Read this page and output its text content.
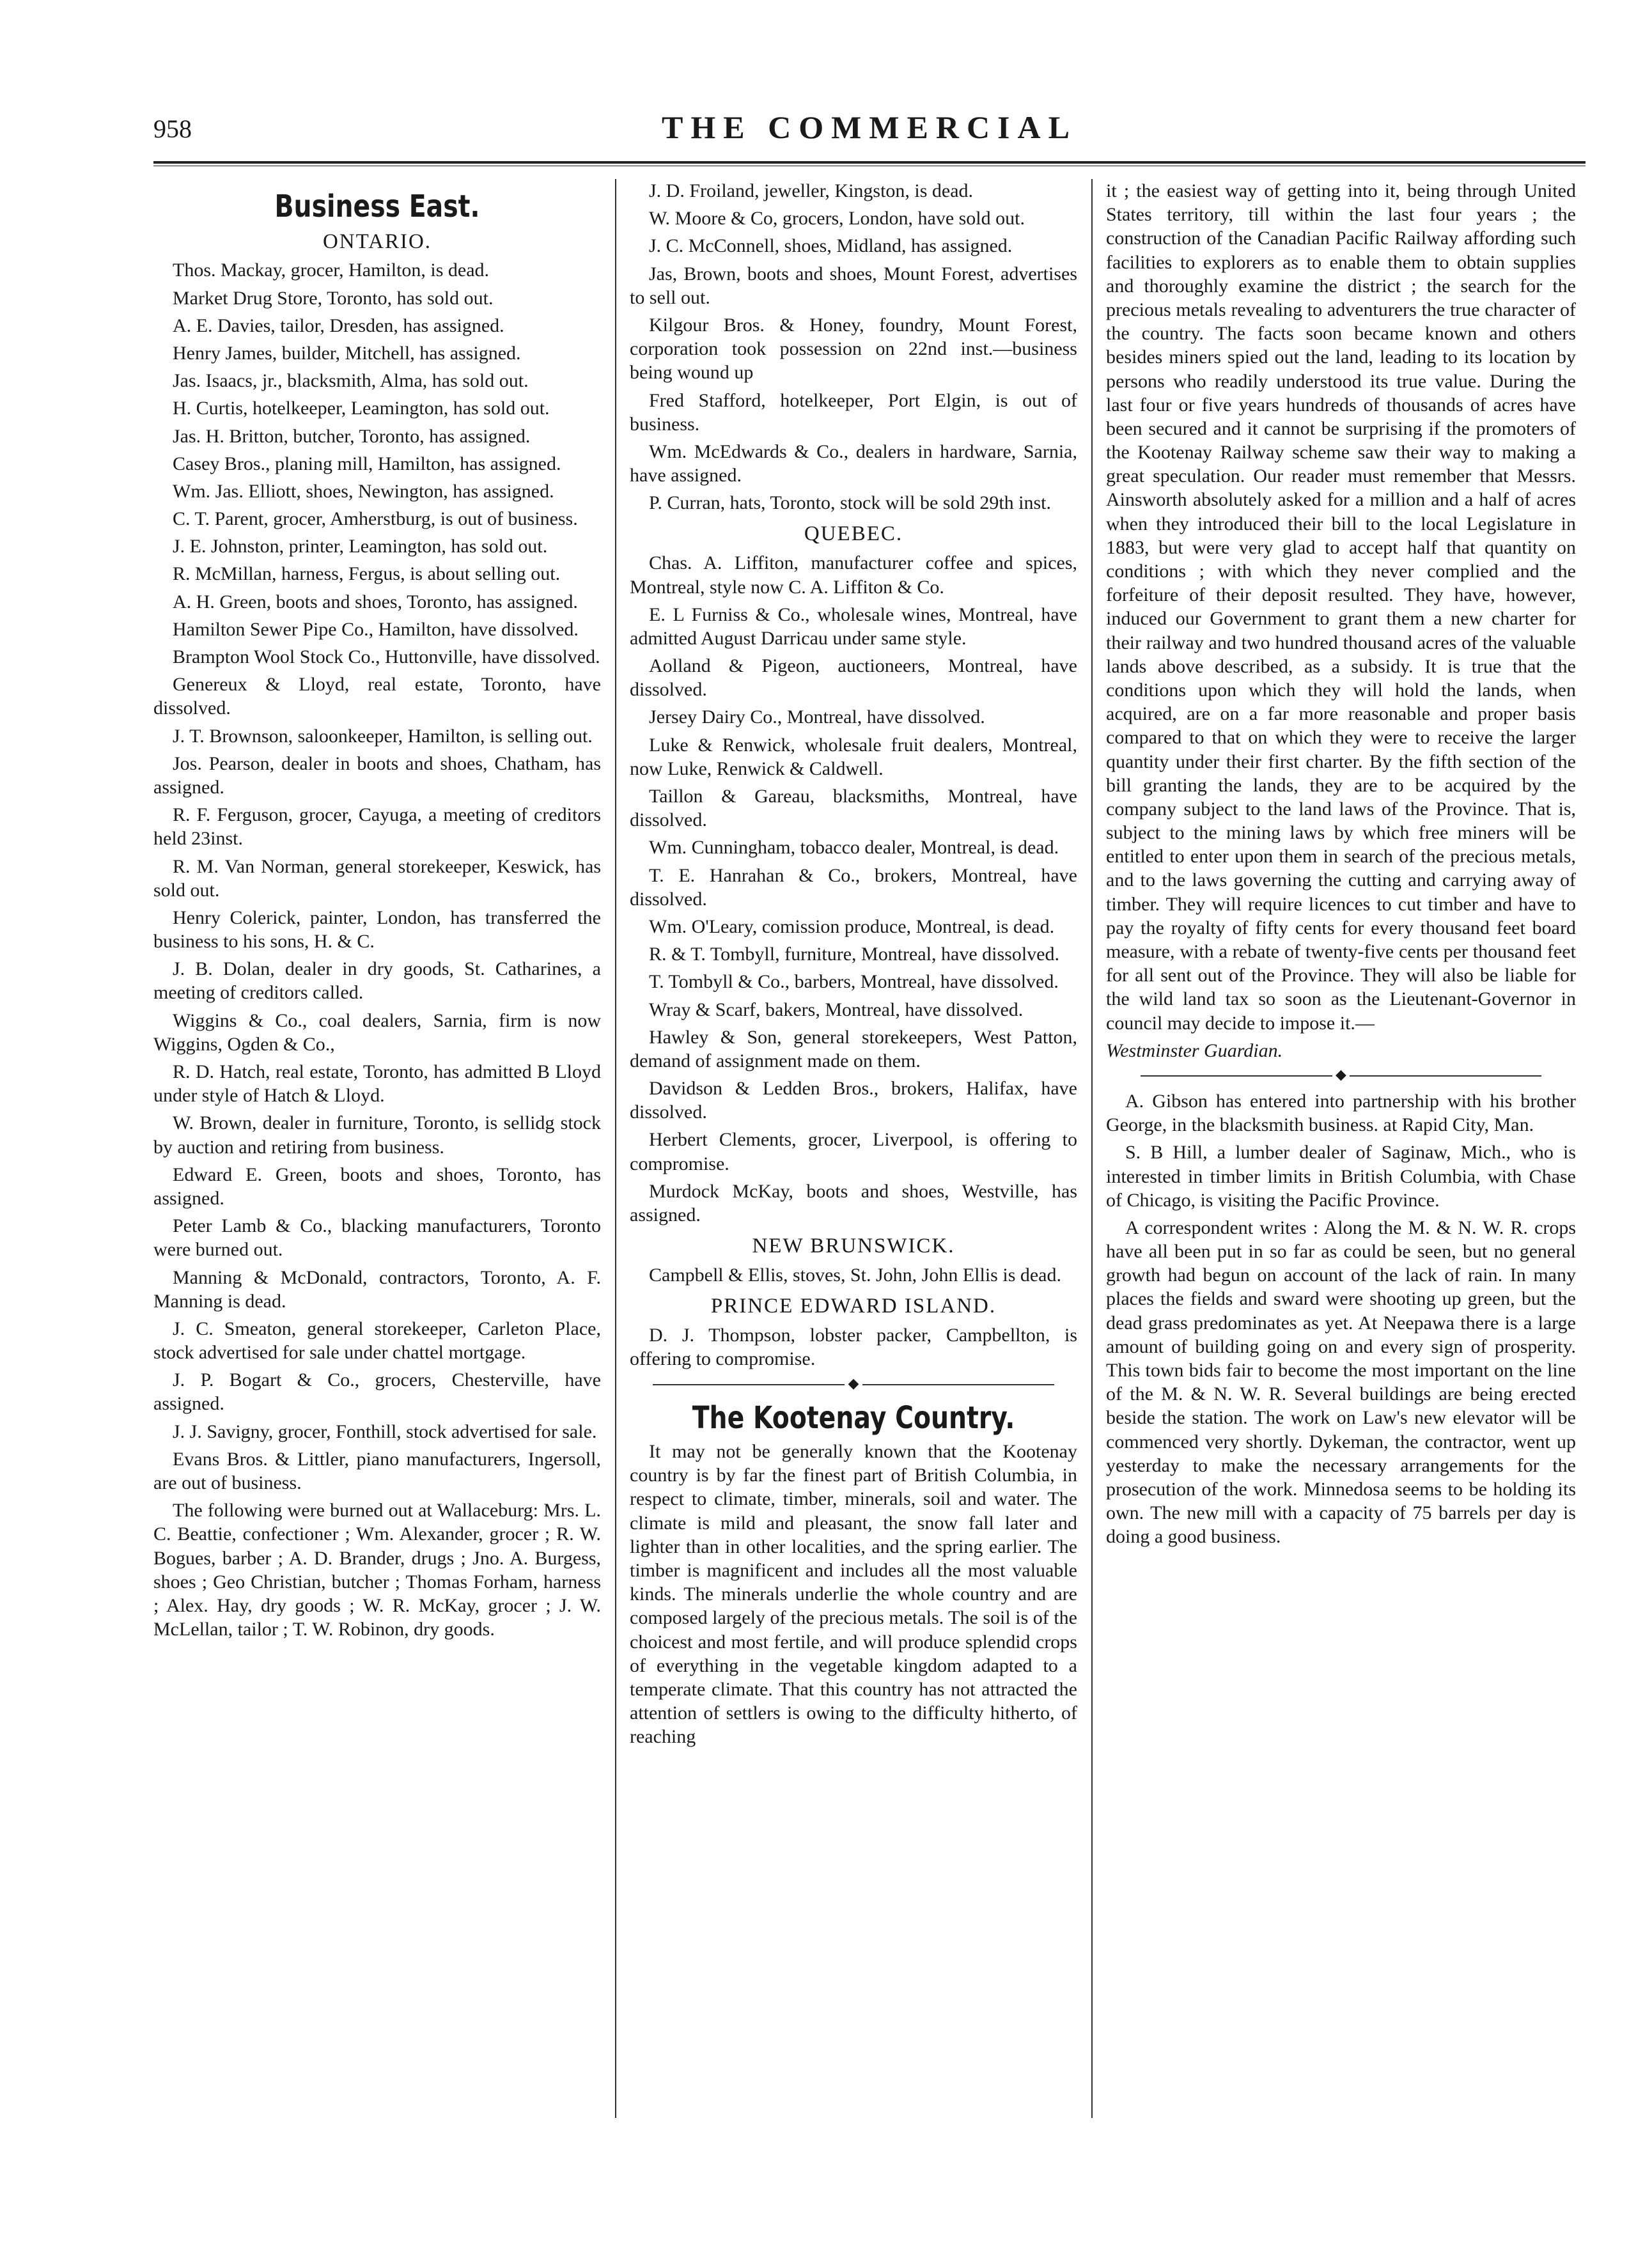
958	THE COMMERCIAL
Business East.
ONTARIO.

Thos. Mackay, grocer, Hamilton, is dead.

Market Drug Store, Toronto, has sold out.

A. E. Davies, tailor, Dresden, has assigned.

Henry James, builder, Mitchell, has assigned.

Jas. Isaacs, jr., blacksmith, Alma, has sold out.

H. Curtis, hotelkeeper, Leamington, has sold out.

Jas. H. Britton, butcher, Toronto, has assigned.

Casey Bros., planing mill, Hamilton, has assigned.

Wm. Jas. Elliott, shoes, Newington, has assigned.

C. T. Parent, grocer, Amherstburg, is out of business.

J. E. Johnston, printer, Leamington, has sold out.

R. McMillan, harness, Fergus, is about selling out.

A. H. Green, boots and shoes, Toronto, has assigned.

Hamilton Sewer Pipe Co., Hamilton, have dissolved.

Brampton Wool Stock Co., Huttonville, have dissolved.

Genereux & Lloyd, real estate, Toronto, have dissolved.

J. T. Brownson, saloonkeeper, Hamilton, is selling out.

Jos. Pearson, dealer in boots and shoes, Chatham, has assigned.

R. F. Ferguson, grocer, Cayuga, a meeting of creditors held 23inst.

R. M. Van Norman, general storekeeper, Keswick, has sold out.

Henry Colerick, painter, London, has transferred the business to his sons, H. & C.

J. B. Dolan, dealer in dry goods, St. Catharines, a meeting of creditors called.

Wiggins & Co., coal dealers, Sarnia, firm is now Wiggins, Ogden & Co.,

R. D. Hatch, real estate, Toronto, has admitted B Lloyd under style of Hatch & Lloyd.

W. Brown, dealer in furniture, Toronto, is sellidg stock by auction and retiring from business.

Edward E. Green, boots and shoes, Toronto, has assigned.

Peter Lamb & Co., blacking manufacturers, Toronto were burned out.

Manning & McDonald, contractors, Toronto, A. F. Manning is dead.

J. C. Smeaton, general storekeeper, Carleton Place, stock advertised for sale under chattel mortgage.

J. P. Bogart & Co., grocers, Chesterville, have assigned.

J. J. Savigny, grocer, Fonthill, stock advertised for sale.

Evans Bros. & Littler, piano manufacturers, Ingersoll, are out of business.

The following were burned out at Wallaceburg: Mrs. L. C. Beattie, confectioner ; Wm. Alexander, grocer ; R. W. Bogues, barber ; A. D. Brander, drugs ; Jno. A. Burgess, shoes ; Geo Christian, butcher ; Thomas Forham, harness ; Alex. Hay, dry goods ; W. R. McKay, grocer ; J. W. McLellan, tailor ; T. W. Robinon, dry goods.

J. D. Froiland, jeweller, Kingston, is dead.

W. Moore & Co, grocers, London, have sold out.

J. C. McConnell, shoes, Midland, has assigned.

Jas, Brown, boots and shoes, Mount Forest, advertises to sell out.

Kilgour Bros. & Honey, foundry, Mount Forest, corporation took possession on 22nd inst.—business being wound up

Fred Stafford, hotelkeeper, Port Elgin, is out of business.

Wm. McEdwards & Co., dealers in hardware, Sarnia, have assigned.

P. Curran, hats, Toronto, stock will be sold 29th inst.

QUEBEC.

Chas. A. Liffiton, manufacturer coffee and spices, Montreal, style now C. A. Liffiton & Co.

E. L Furniss & Co., wholesale wines, Montreal, have admitted August Darricau under same style.

Aolland & Pigeon, auctioneers, Montreal, have dissolved.

Jersey Dairy Co., Montreal, have dissolved.

Luke & Renwick, wholesale fruit dealers, Montreal, now Luke, Renwick & Caldwell.

Taillon & Gareau, blacksmiths, Montreal, have dissolved.

Wm. Cunningham, tobacco dealer, Montreal, is dead.

T. E. Hanrahan & Co., brokers, Montreal, have dissolved.

Wm. O'Leary, comission produce, Montreal, is dead.

R. & T. Tombyll, furniture, Montreal, have dissolved.

T. Tombyll & Co., barbers, Montreal, have dissolved.

Wray & Scarf, bakers, Montreal, have dissolved.

Hawley & Son, general storekeepers, West Patton, demand of assignment made on them.

Davidson & Ledden Bros., brokers, Halifax, have dissolved.

Herbert Clements, grocer, Liverpool, is offering to compromise.

Murdock McKay, boots and shoes, Westville, has assigned.

NEW BRUNSWICK.

Campbell & Ellis, stoves, St. John, John Ellis is dead.

PRINCE EDWARD ISLAND.

D. J. Thompson, lobster packer, Campbellton, is offering to compromise.

◆
The Kootenay Country.

It may not be generally known that the Kootenay country is by far the finest part of British Columbia, in respect to climate, timber, minerals, soil and water. The climate is mild and pleasant, the snow fall later and lighter than in other localities, and the spring earlier. The timber is magnificent and includes all the most valuable kinds. The minerals underlie the whole country and are composed largely of the precious metals. The soil is of the choicest and most fertile, and will produce splendid crops of everything in the vegetable kingdom adapted to a temperate climate. That this country has not attracted the attention of settlers is owing to the difficulty hitherto, of reaching

it ; the easiest way of getting into it, being through United States territory, till within the last four years ; the construction of the Canadian Pacific Railway affording such facilities to explorers as to enable them to obtain supplies and thoroughly examine the district ; the search for the precious metals revealing to adventurers the true character of the country. The facts soon became known and others besides miners spied out the land, leading to its location by persons who readily understood its true value. During the last four or five years hundreds of thousands of acres have been secured and it cannot be surprising if the promoters of the Kootenay Railway scheme saw their way to making a great speculation. Our reader must remember that Messrs. Ainsworth absolutely asked for a million and a half of acres when they introduced their bill to the local Legislature in 1883, but were very glad to accept half that quantity on conditions ; with which they never complied and the forfeiture of their deposit resulted. They have, however, induced our Government to grant them a new charter for their railway and two hundred thousand acres of the valuable lands above described, as a subsidy. It is true that the conditions upon which they will hold the lands, when acquired, are on a far more reasonable and proper basis compared to that on which they were to receive the larger quantity under their first charter. By the fifth section of the bill granting the lands, they are to be acquired by the company subject to the land laws of the Province. That is, subject to the mining laws by which free miners will be entitled to enter upon them in search of the precious metals, and to the laws governing the cutting and carrying away of timber. They will require licences to cut timber and have to pay the royalty of fifty cents for every thousand feet board measure, with a rebate of twenty-five cents per thousand feet for all sent out of the Province. They will also be liable for the wild land tax so soon as the Lieutenant-Governor in council may decide to impose it.—

Westminster Guardian.

◆

A. Gibson has entered into partnership with his brother George, in the blacksmith business. at Rapid City, Man.

S. B Hill, a lumber dealer of Saginaw, Mich., who is interested in timber limits in British Columbia, with Chase of Chicago, is visiting the Pacific Province.

A correspondent writes : Along the M. & N. W. R. crops have all been put in so far as could be seen, but no general growth had begun on account of the lack of rain. In many places the fields and sward were shooting up green, but the dead grass predominates as yet. At Neepawa there is a large amount of building going on and every sign of prosperity. This town bids fair to become the most important on the line of the M. & N. W. R. Several buildings are being erected beside the station. The work on Law's new elevator will be commenced very shortly. Dykeman, the contractor, went up yesterday to make the necessary arrangements for the prosecution of the work. Minnedosa seems to be holding its own. The new mill with a capacity of 75 barrels per day is doing a good business.
